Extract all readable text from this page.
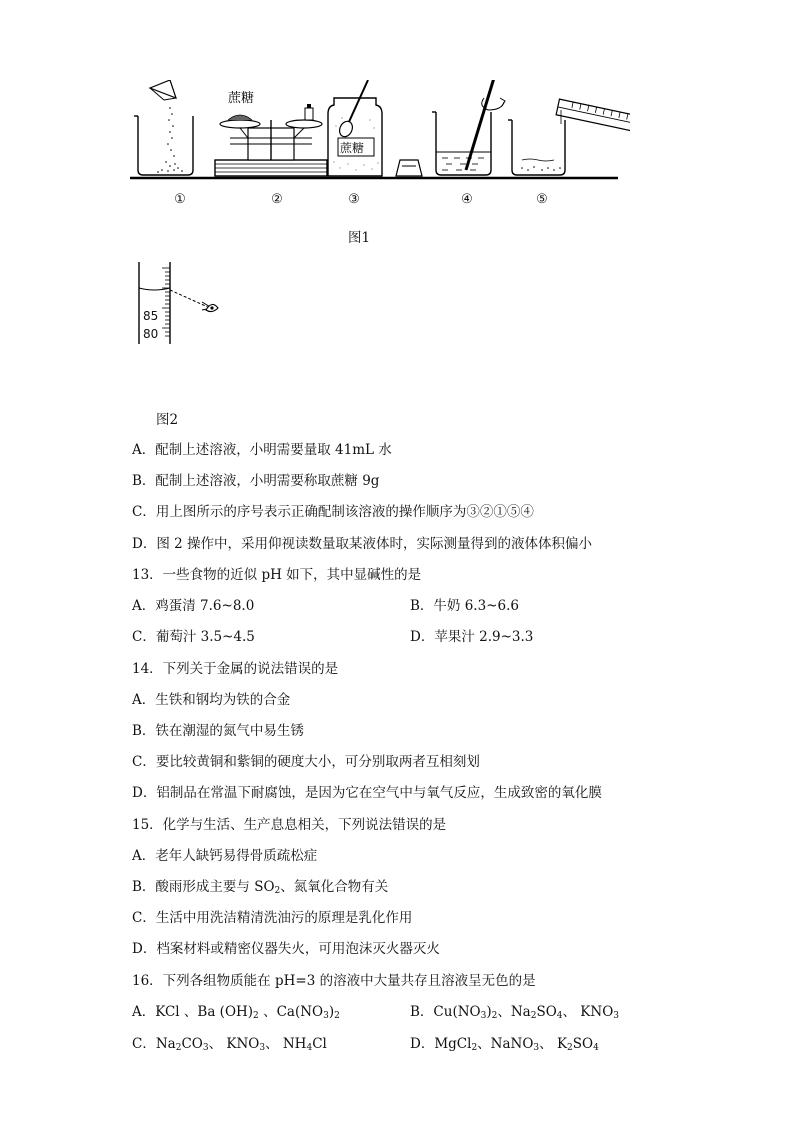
蔗糖
蔗糖
①	②	③	④	⑤
图1
85
80
图2
A．配制上述溶液，小明需要量取 41mL 水
B．配制上述溶液，小明需要称取蔗糖 9g
C．用上图所示的序号表示正确配制该溶液的操作顺序为③②①⑤④
D．图 2 操作中，采用仰视读数量取某液体时，实际测量得到的液体体积偏小
13．一些食物的近似 pH 如下，其中显碱性的是
A．鸡蛋清 7.6~8.0	B．牛奶 6.3~6.6
C．葡萄汁 3.5~4.5	D．苹果汁 2.9~3.3
14．下列关于金属的说法错误的是
A．生铁和钢均为铁的合金
B．铁在潮湿的氮气中易生锈
C．要比较黄铜和紫铜的硬度大小，可分别取两者互相刻划
D．铝制品在常温下耐腐蚀，是因为它在空气中与氧气反应，生成致密的氧化膜
15．化学与生活、生产息息相关，下列说法错误的是
A．老年人缺钙易得骨质疏松症
B．酸雨形成主要与 $SO_2$、氮氧化合物有关
C．生活中用洗洁精清洗油污的原理是乳化作用
D．档案材料或精密仪器失火，可用泡沫灭火器灭火
16．下列各组物质能在 pH=3 的溶液中大量共存且溶液呈无色的是
A．KCl 、Ba $(OH)_2$ 、$Ca(NO_3)_2$	B．$Cu(NO_3)_2$、$Na_2SO_4$、 $KNO_3$
C．$Na_2CO_3$、 $KNO_3$、 $NH_4Cl$	D．MgCl$_2$、NaNO$_3$、 $K_2SO_4$
